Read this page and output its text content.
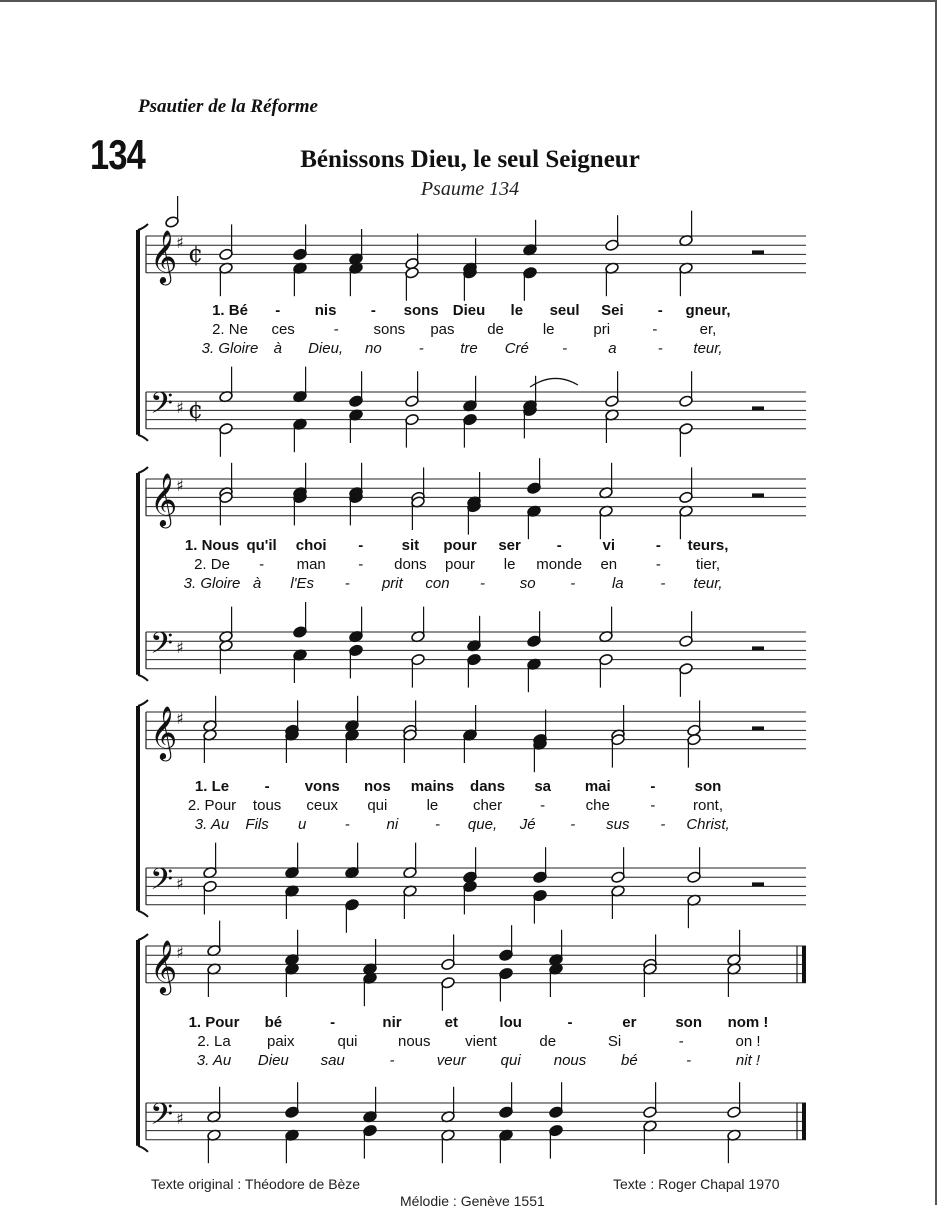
Psautier de la Réforme
134	Bénissons Dieu, le seul Seigneur
Psaume 134
𝄞
♯ ¢
𝄢 ♯ ¢
𝄞
♯
𝄢 ♯
𝄞
♯
𝄢 ♯
𝄞
♯
𝄢 ♯
1. Bé - nis - sons Dieu le seul Sei - gneur,
2. Ne ces	- sons pas de	le	pri	-	er,
3. Gloire à Dieu, no - tre Cré -	a	- teur,
1. Nous qu'il choi -	sit pour ser -	vi	- teurs,
2. De - man - dons pour le monde en	- tier,
3. Gloire à l'Es - prit con - so - la - teur,
1. Le - vons nos mains dans sa mai	-	son
2. Pour tous ceux qui	le cher	-	che	-	ront,
3. Au Fils u	- ni - que, Jé - sus - Christ,
1. Pour bé	-	nir	et	lou	-	er	son nom !
2. La paix	qui	nous vient	de	Si	-	on !
3. Au Dieu sau	-	veur qui nous bé	-	nit !
Texte original : Théodore de Bèze	Texte : Roger Chapal 1970
Mélodie : Genève 1551
